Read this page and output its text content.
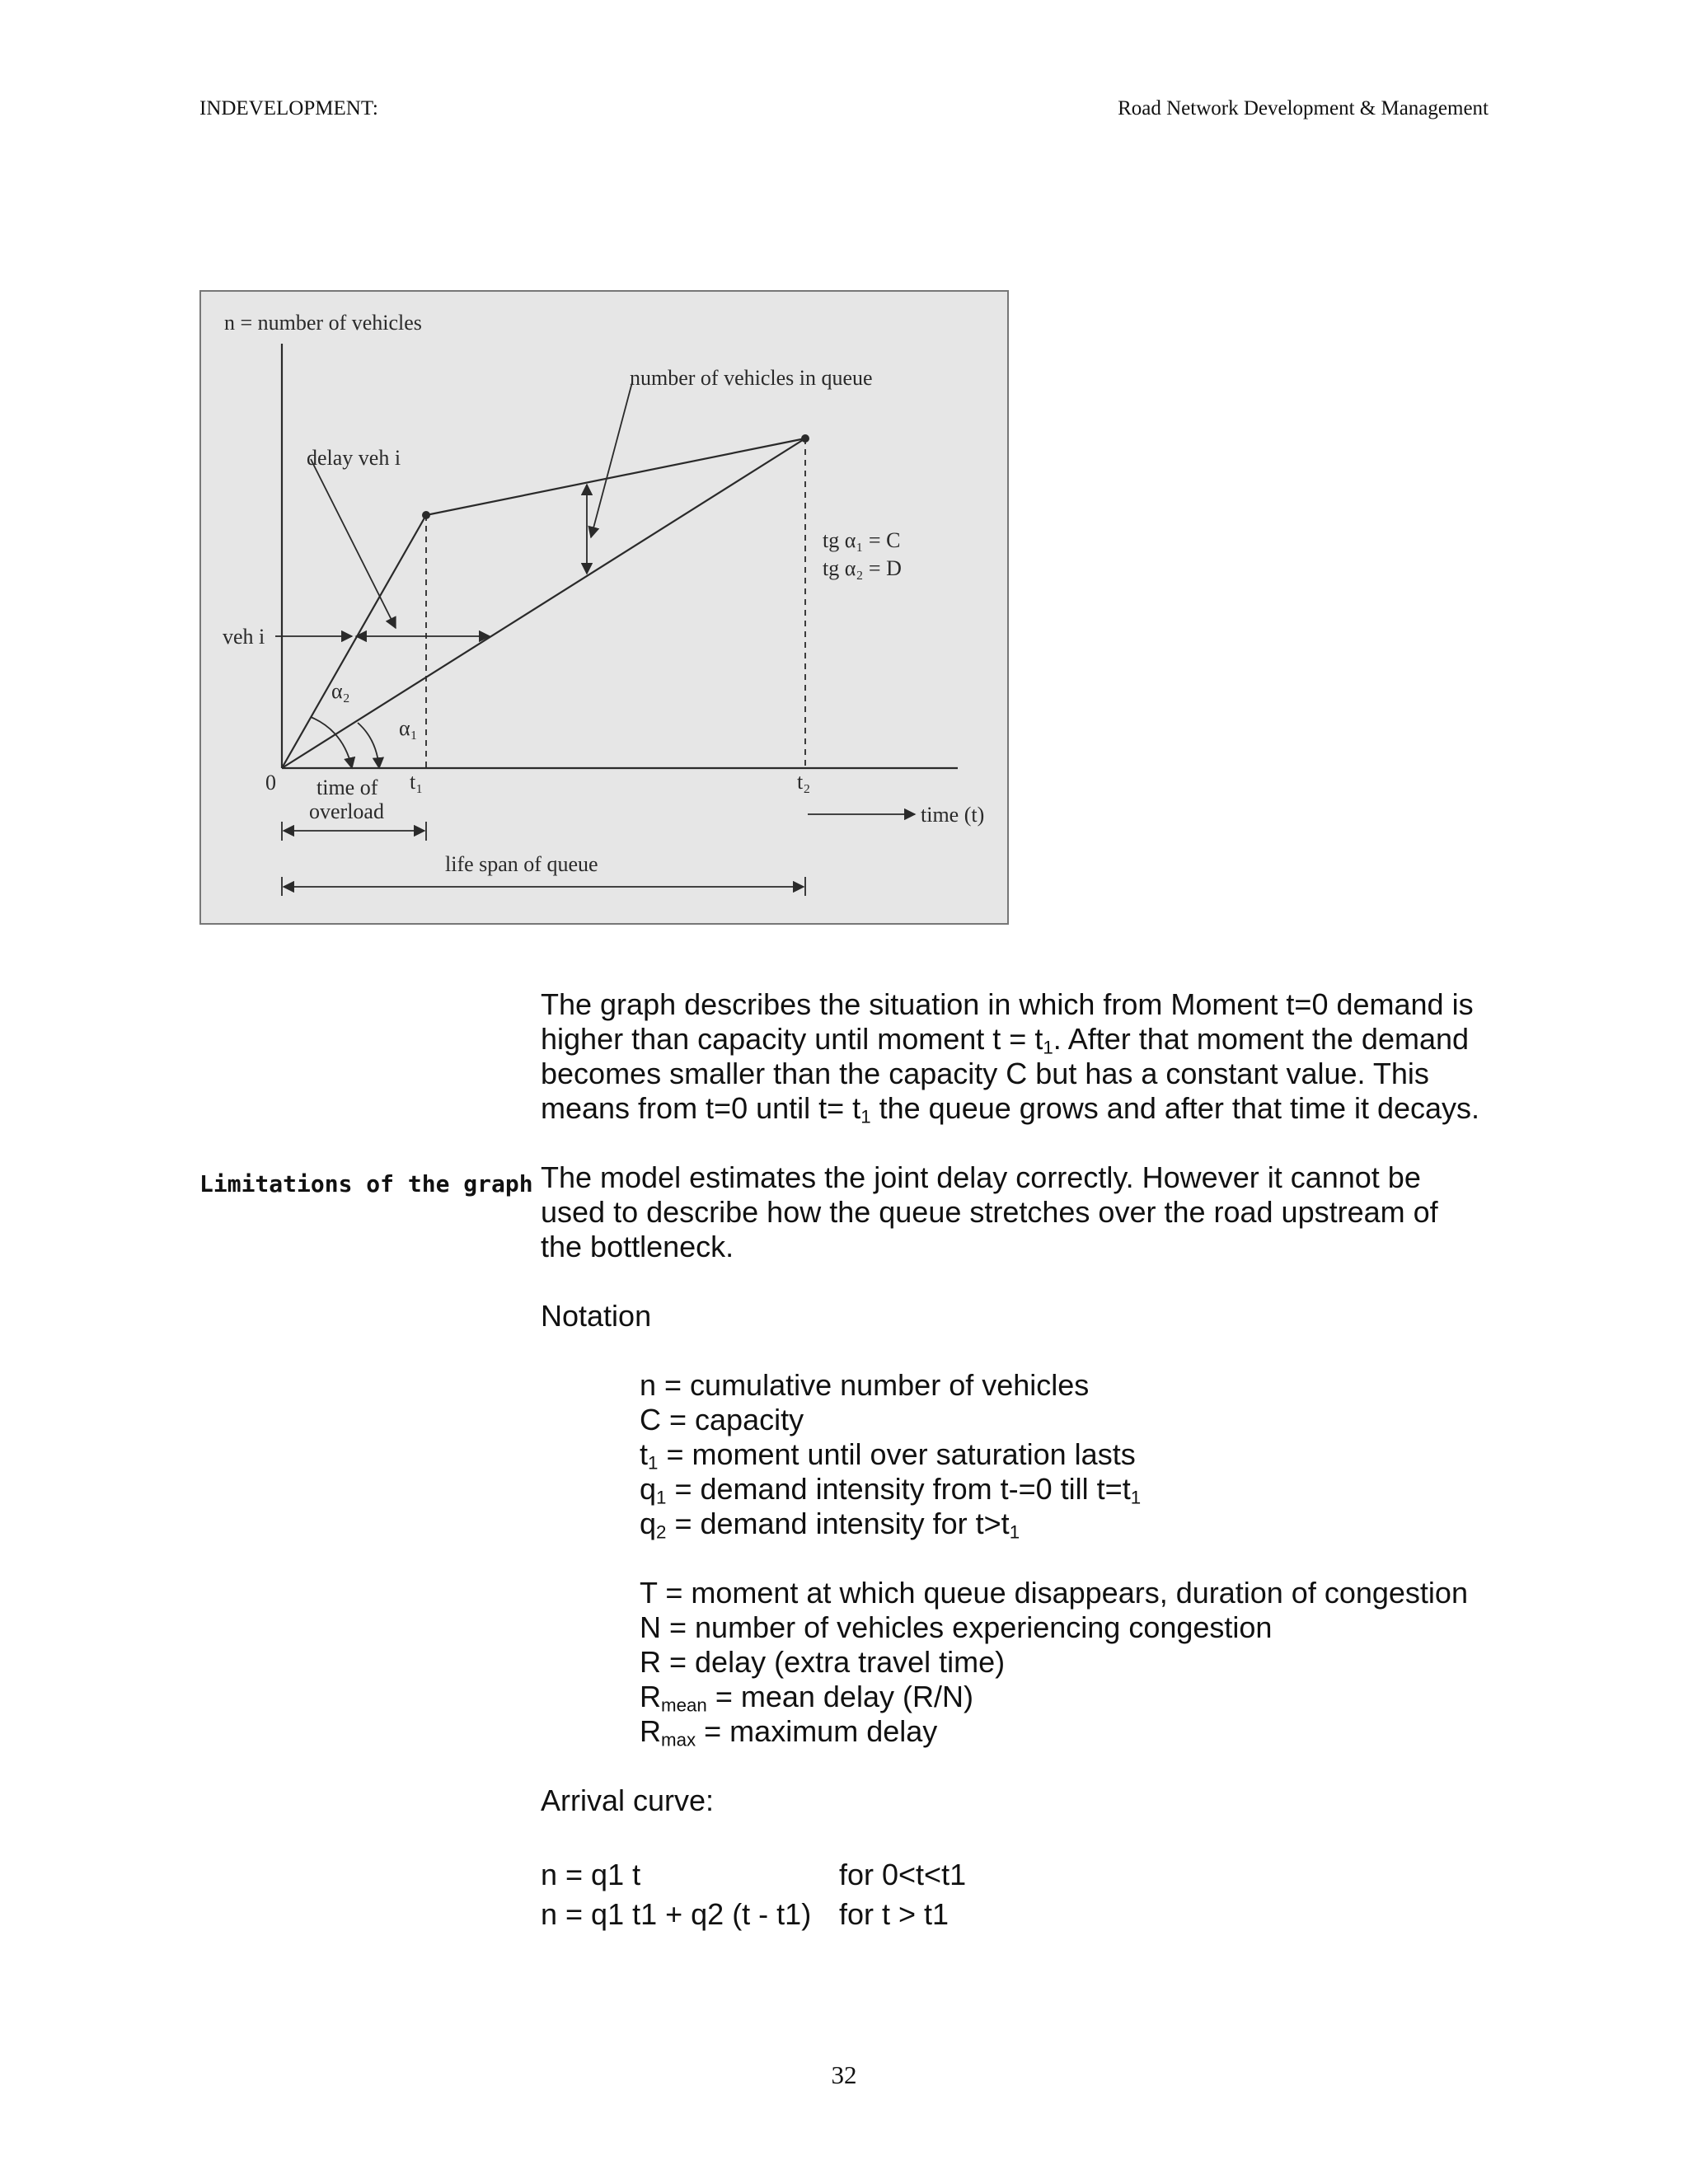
INDEVELOPMENT:	Road Network Development & Management
n = number of vehicles
number of vehicles in queue
delay veh i
tg α₁ = C
tg α₂ = D
veh i
α₂
α₁
0	t₁	t₂
time of
overload	time (t)
life span of queue
The graph describes the situation in which from Moment t=0 demand is
higher than capacity until moment $t = t_1$. After that moment the demand
becomes smaller than the capacity C but has a constant value. This
means from t=0 until $t= t_1$ the queue grows and after that time it decays.
Limitations of the graph The model estimates the joint delay correctly. However it cannot be
used to describe how the queue stretches over the road upstream of
the bottleneck.
Notation
n = cumulative number of vehicles
C = capacity
$t_1$ = moment until over saturation lasts
$q_1$ = demand intensity from t-=0 till $t=t_1$
$q_2$ = demand intensity for $t>t_1$
T = moment at which queue disappears, duration of congestion
N = number of vehicles experiencing congestion
R = delay (extra travel time)
$R_{mean}$ = mean delay (R/N)
$R_{max}$ = maximum delay
Arrival curve:
n = q1 t	for 0<t<t1
n = q1 t1 + q2 (t - t1) for t > t1
32
